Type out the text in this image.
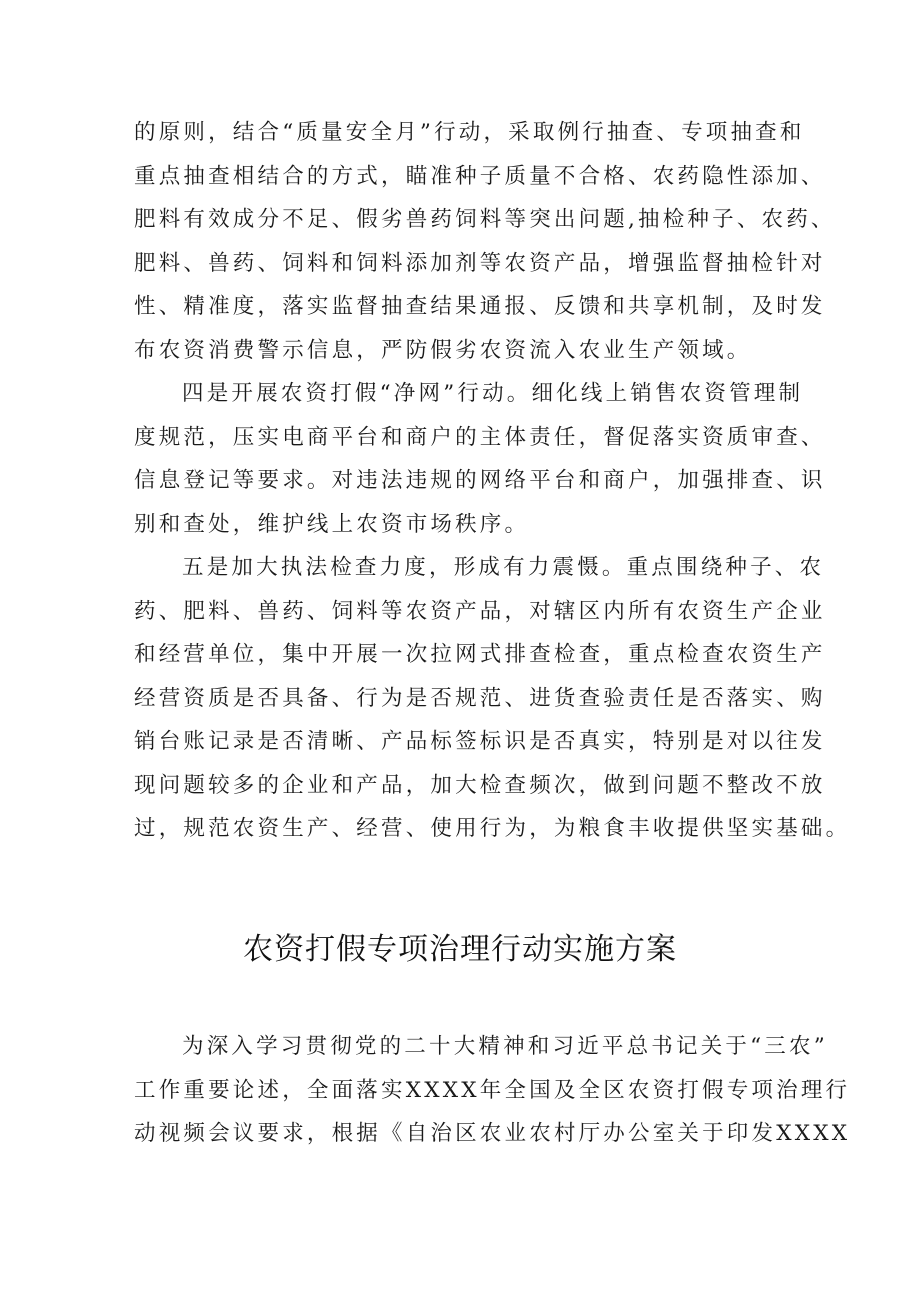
的原则，结合“质量安全月”行动，采取例行抽查、专项抽查和
重点抽查相结合的方式，瞄准种子质量不合格、农药隐性添加、
肥料有效成分不足、假劣兽药饲料等突出问题,抽检种子、农药、
肥料、兽药、饲料和饲料添加剂等农资产品，增强监督抽检针对
性、精准度，落实监督抽查结果通报、反馈和共享机制，及时发
布农资消费警示信息，严防假劣农资流入农业生产领域。
四是开展农资打假“净网”行动。细化线上销售农资管理制
度规范，压实电商平台和商户的主体责任，督促落实资质审查、
信息登记等要求。对违法违规的网络平台和商户，加强排查、识
别和查处，维护线上农资市场秩序。
五是加大执法检查力度，形成有力震慑。重点围绕种子、农
药、肥料、兽药、饲料等农资产品，对辖区内所有农资生产企业
和经营单位，集中开展一次拉网式排查检查，重点检查农资生产
经营资质是否具备、行为是否规范、进货查验责任是否落实、购
销台账记录是否清晰、产品标签标识是否真实，特别是对以往发
现问题较多的企业和产品，加大检查频次，做到问题不整改不放
过，规范农资生产、经营、使用行为，为粮食丰收提供坚实基础。
农资打假专项治理行动实施方案
为深入学习贯彻党的二十大精神和习近平总书记关于“三农”
工作重要论述，全面落实XXXX年全国及全区农资打假专项治理行
动视频会议要求，根据《自治区农业农村厅办公室关于印发XXXX
